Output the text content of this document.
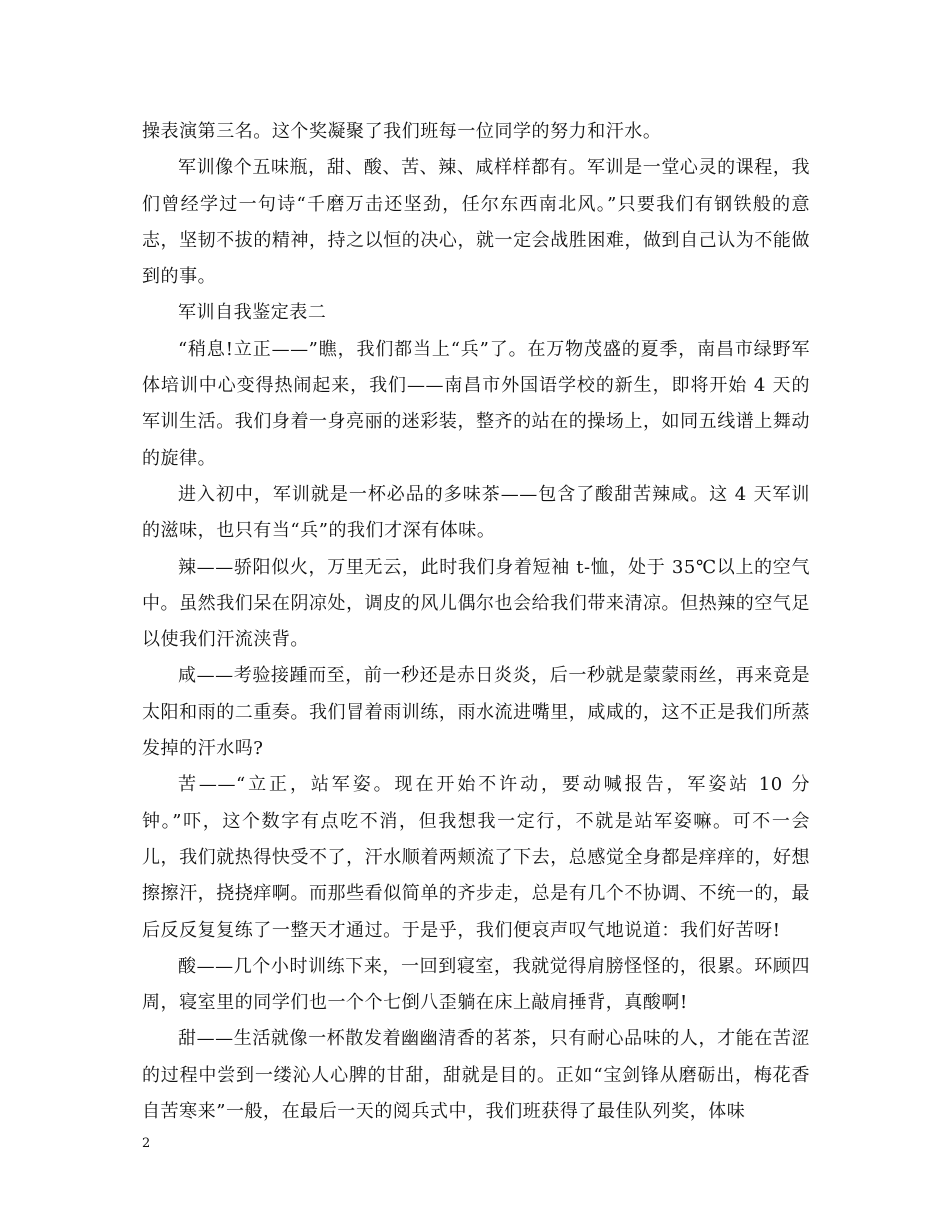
操表演第三名。这个奖凝聚了我们班每一位同学的努力和汗水。

军训像个五味瓶，甜、酸、苦、辣、咸样样都有。军训是一堂心灵的课程，我们曾经学过一句诗“千磨万击还坚劲，任尔东西南北风。”只要我们有钢铁般的意志，坚韧不拔的精神，持之以恒的决心，就一定会战胜困难，做到自己认为不能做到的事。

军训自我鉴定表二

“稍息!立正——”瞧，我们都当上“兵”了。在万物茂盛的夏季，南昌市绿野军体培训中心变得热闹起来，我们——南昌市外国语学校的新生，即将开始 4 天的军训生活。我们身着一身亮丽的迷彩装，整齐的站在的操场上，如同五线谱上舞动的旋律。

进入初中，军训就是一杯必品的多味茶——包含了酸甜苦辣咸。这 4 天军训的滋味，也只有当“兵”的我们才深有体味。

辣——骄阳似火，万里无云，此时我们身着短袖 t-恤，处于 35℃以上的空气中。虽然我们呆在阴凉处，调皮的风儿偶尔也会给我们带来清凉。但热辣的空气足以使我们汗流浃背。

咸——考验接踵而至，前一秒还是赤日炎炎，后一秒就是蒙蒙雨丝，再来竟是太阳和雨的二重奏。我们冒着雨训练，雨水流进嘴里，咸咸的，这不正是我们所蒸发掉的汗水吗?

苦——“立正，站军姿。现在开始不许动，要动喊报告，军姿站 10 分钟。”吓，这个数字有点吃不消，但我想我一定行，不就是站军姿嘛。可不一会儿，我们就热得快受不了，汗水顺着两颊流了下去，总感觉全身都是痒痒的，好想擦擦汗，挠挠痒啊。而那些看似简单的齐步走，总是有几个不协调、不统一的，最后反反复复练了一整天才通过。于是乎，我们便哀声叹气地说道：我们好苦呀!

酸——几个小时训练下来，一回到寝室，我就觉得肩膀怪怪的，很累。环顾四周，寝室里的同学们也一个个七倒八歪躺在床上敲肩捶背，真酸啊!

甜——生活就像一杯散发着幽幽清香的茗茶，只有耐心品味的人，才能在苦涩的过程中尝到一缕沁人心脾的甘甜，甜就是目的。正如“宝剑锋从磨砺出，梅花香自苦寒来”一般，在最后一天的阅兵式中，我们班获得了最佳队列奖，体味

2
